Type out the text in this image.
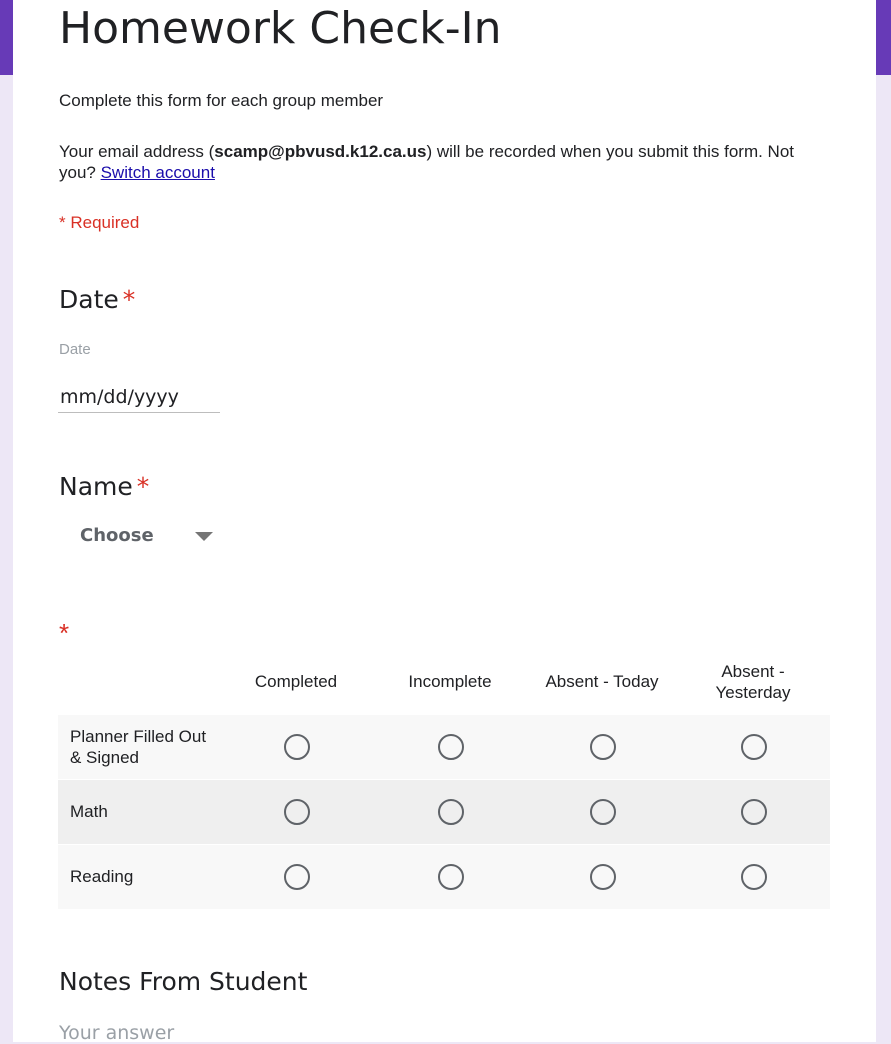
Homework Check-In
Complete this form for each group member
Your email address (scamp@pbvusd.k12.ca.us) will be recorded when you submit this form. Not you? Switch account
* Required
Date *
Date
mm/dd/yyyy
Name *
Choose
*
Completed	Incomplete	Absent - Today
Absent - Yesterday
Planner Filled Out & Signed
Math
Reading
Notes From Student
Your answer
